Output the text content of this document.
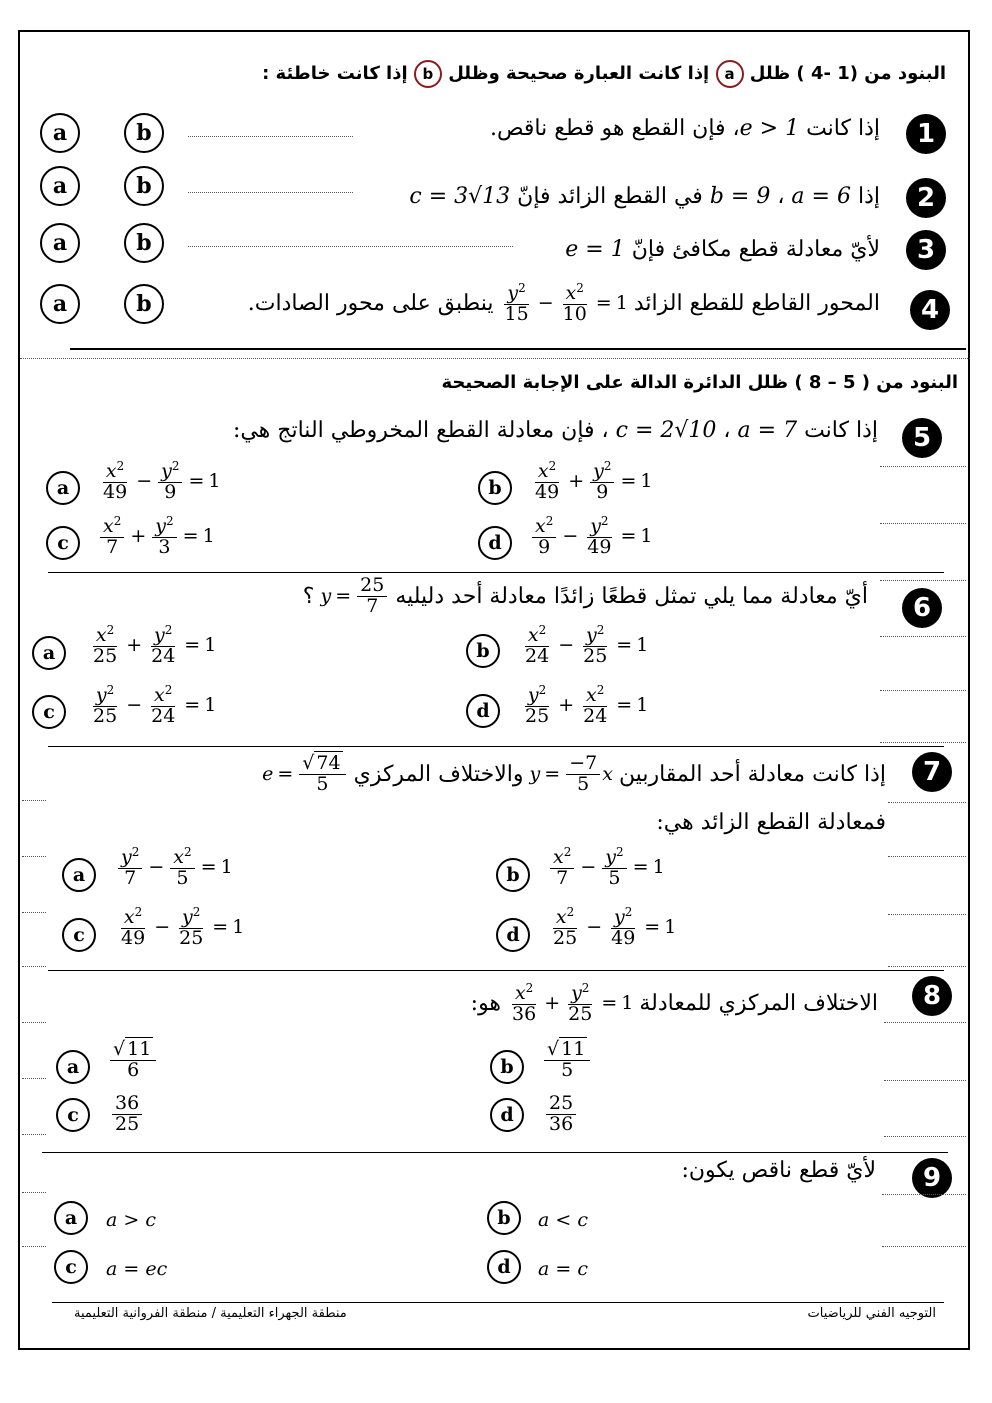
البنود من (1 -4 ) ظلل a إذا كانت العبارة صحيحة وظلل b إذا كانت خاطئة :
1
إذا كانت e > 1، فإن القطع هو قطع ناقص.
a	b
2
إذا a = 6 ، b = 9 في القطع الزائد فإنّ c = 3√13
a	b
3
لأيّ معادلة قطع مكافئ فإنّ e = 1
a	b
4
المحور القاطع للقطع الزائد
$\frac{y^2}{15} - \frac{x^2}{10} = 1$
ينطبق على محور الصادات.
a	b
البنود من ( 5 – 8 ) ظلل الدائرة الدالة على الإجابة الصحيحة
5
إذا كانت a = 7 ، c = 2√10 ، فإن معادلة القطع المخروطي الناتج هي:
a	$\frac{x^2}{49} - \frac{y^2}{9} = 1$	b	$\frac{x^2}{49} + \frac{y^2}{9} = 1$
c	$\frac{x^2}{7} + \frac{y^2}{3} = 1$	d	$\frac{x^2}{9} - \frac{y^2}{49} = 1$
6
أيّ معادلة مما يلي تمثل قطعًا زائدًا معادلة أحد دليليه
$y = \frac{25}{7}$
؟
a	$\frac{x^2}{25} + \frac{y^2}{24} = 1$	b	$\frac{x^2}{24} - \frac{y^2}{25} = 1$
c	$\frac{y^2}{25} - \frac{x^2}{24} = 1$	d	$\frac{y^2}{25} + \frac{x^2}{24} = 1$
7
إذا كانت معادلة أحد المقاربين
$y = \frac{-7}{5}$ x
والاختلاف المركزي
$e = \frac{√ 74}{5}$
فمعادلة القطع الزائد هي:
a	$\frac{y^2}{7} - \frac{x^2}{5} = 1$	b	$\frac{x^2}{7} - \frac{y^2}{5} = 1$
c	$\frac{x^2}{49} - \frac{y^2}{25} = 1$	d	$\frac{x^2}{25} - \frac{y^2}{49} = 1$
8
الاختلاف المركزي للمعادلة
$\frac{x^2}{36} + \frac{y^2}{25} = 1$
هو:
a	$\frac{√ 11}{6}$	b	$\frac{√ 11}{5}$
c	$\frac{36}{25}$	d	$\frac{25}{36}$
9
لأيّ قطع ناقص يكون:
a	a > c	b	a < c
c	a = ec	d	a = c
التوجيه الفني للرياضيات
منطقة الجهراء التعليمية / منطقة الفروانية التعليمية
